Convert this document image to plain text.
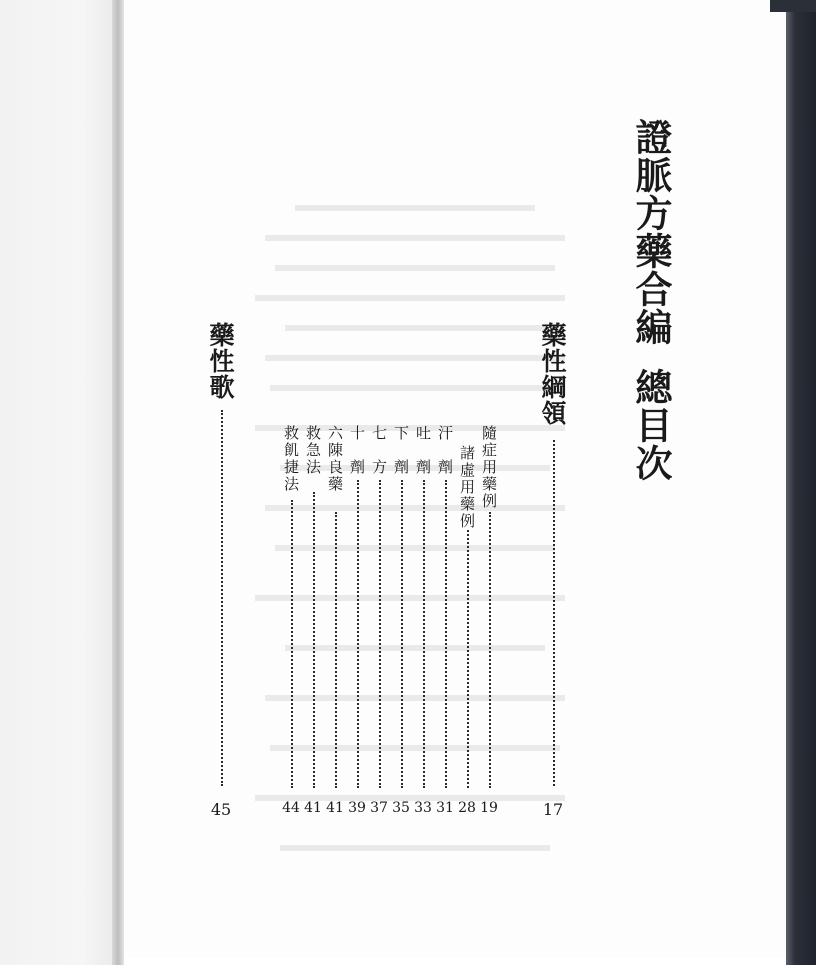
證脈方藥合編總目次
藥性綱領
17
隨症用藥例
19
諸虛用藥例
28
汗　劑
31
吐　劑
33
下　劑
35
七　方
37
十　劑
39
六陳良藥
41
救急法
41
救飢捷法
44
藥性歌
45
